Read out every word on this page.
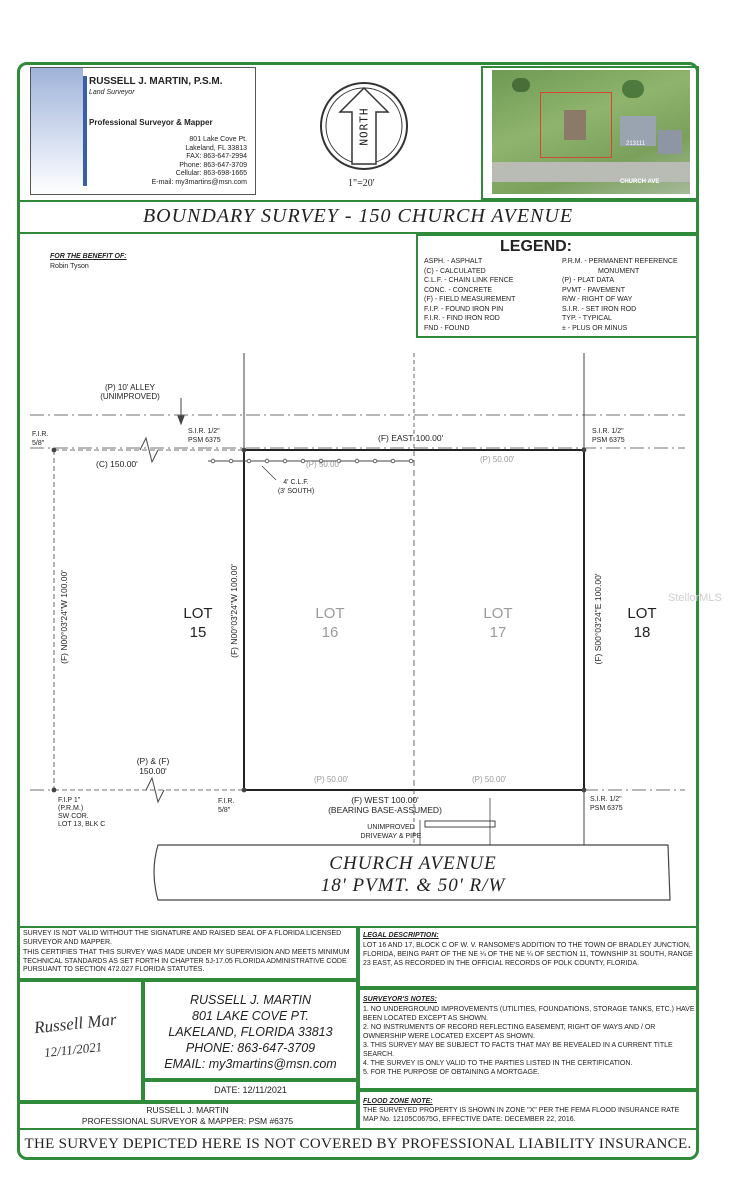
RUSSELL J. MARTIN, P.S.M.
Land Surveyor
Professional Surveyor & Mapper
801 Lake Cove Pt.
Lakeland, FL 33813
FAX: 863-647-2994
Phone: 863-647-3709
Cellular: 863-698-1665
E-mail: my3martins@msn.com
NORTH
1"=20'	CHURCH AVE
213111
BOUNDARY SURVEY - 150 CHURCH AVENUE
FOR THE BENEFIT OF:
Robin Tyson
LEGEND:
ASPH. - ASPHALT
(C) - CALCULATED
C.L.F. - CHAIN LINK FENCE
CONC. - CONCRETE
(F) - FIELD MEASUREMENT
F.I.P. - FOUND IRON PIN
F.I.R. - FIND IRON ROD
FND - FOUND
P.R.M. - PERMANENT REFERENCE
MONUMENT
(P) - PLAT DATA
PVMT - PAVEMENT
R/W - RIGHT OF WAY
S.I.R. - SET IRON ROD
TYP. - TYPICAL
± - PLUS OR MINUS
(P) 10' ALLEY
(UNIMPROVED)
F.I.R.
5/8"
S.I.R. 1/2"
PSM 6375
S.I.R. 1/2"
PSM 6375
(F) EAST 100.00'
(C) 150.00'	(P) 50.00'
(P) 50.00'
4' C.L.F.
(3' SOUTH)
(F) N00°03'24"W 100.00'	(F) N00°03'24"W 100.00'	(F) S00°03'24"E 100.00'
LOT
15
LOT
16
LOT
17
LOT
18
StellorMLS
(P) & (F)
150.00'
(P) 50.00'	(P) 50.00'
F.I.P 1"
(P.R.M.)
SW COR.
LOT 13, BLK C
F.I.R.
5/8"
(F) WEST 100.00'
(BEARING BASE-ASSUMED)
S.I.R. 1/2"
PSM 6375
UNIMPROVED
DRIVEWAY & PIPE
CHURCH AVENUE
18' PVMT. & 50' R/W
SURVEY IS NOT VALID WITHOUT THE SIGNATURE AND RAISED SEAL OF A FLORIDA LICENSED SURVEYOR AND MAPPER.
THIS CERTIFIES THAT THIS SURVEY WAS MADE UNDER MY SUPERVISION AND MEETS MINIMUM TECHNICAL STANDARDS AS SET FORTH IN CHAPTER 5J-17.05 FLORIDA ADMINISTRATIVE CODE PURSUANT TO SECTION 472.027 FLORIDA STATUTES.
LEGAL DESCRIPTION:
LOT 16 AND 17, BLOCK C OF W. V. RANSOME'S ADDITION TO THE TOWN OF BRADLEY JUNCTION, FLORIDA, BEING PART OF THE NE ¼ OF THE NE ¼ OF SECTION 11, TOWNSHIP 31 SOUTH, RANGE 23 EAST, AS RECORDED IN THE OFFICIAL RECORDS OF POLK COUNTY, FLORIDA.
Russell Mar
12/11/2021
RUSSELL J. MARTIN
801 LAKE COVE PT.
LAKELAND, FLORIDA 33813
PHONE: 863-647-3709
EMAIL: my3martins@msn.com
DATE: 12/11/2021
SURVEYOR'S NOTES:
1. NO UNDERGROUND IMPROVEMENTS (UTILITIES, FOUNDATIONS, STORAGE TANKS, ETC.) HAVE BEEN LOCATED EXCEPT AS SHOWN.
2. NO INSTRUMENTS OF RECORD REFLECTING EASEMENT, RIGHT OF WAYS AND / OR OWNERSHIP WERE LOCATED EXCEPT AS SHOWN.
3. THIS SURVEY MAY BE SUBJECT TO FACTS THAT MAY BE REVEALED IN A CURRENT TITLE SEARCH.
4. THE SURVEY IS ONLY VALID TO THE PARTIES LISTED IN THE CERTIFICATION.
5. FOR THE PURPOSE OF OBTAINING A MORTGAGE.
RUSSELL J. MARTIN
PROFESSIONAL SURVEYOR & MAPPER: PSM #6375
FLOOD ZONE NOTE:
THE SURVEYED PROPERTY IS SHOWN IN ZONE "X" PER THE FEMA FLOOD INSURANCE RATE MAP No. 12105C0675G, EFFECTIVE DATE: DECEMBER 22, 2016.
THE SURVEY DEPICTED HERE IS NOT COVERED BY PROFESSIONAL LIABILITY INSURANCE.
